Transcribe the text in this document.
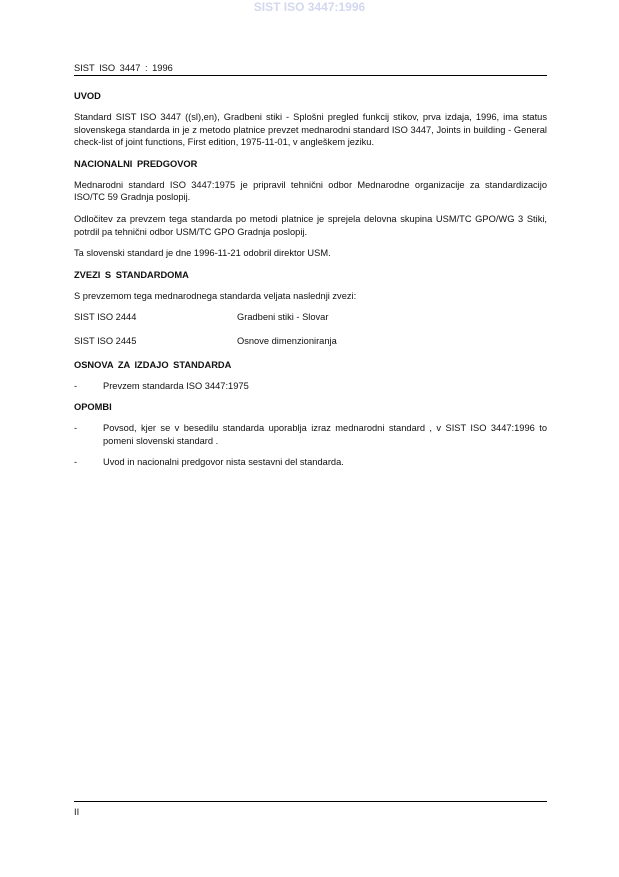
SIST ISO 3447:1996
SIST ISO 3447 : 1996
UVOD

Standard SIST ISO 3447 ((sl),en), Gradbeni stiki - Splošni pregled funkcij stikov, prva izdaja, 1996, ima status slovenskega standarda in je z metodo platnice prevzet mednarodni standard ISO 3447, Joints in building - General check-list of joint functions, First edition, 1975-11-01, v angleškem jeziku.

NACIONALNI PREDGOVOR

Mednarodni standard ISO 3447:1975 je pripravil tehnični odbor Mednarodne organizacije za standardizacijo ISO/TC 59 Gradnja poslopij.

Odločitev za prevzem tega standarda po metodi platnice je sprejela delovna skupina USM/TC GPO/WG 3 Stiki, potrdil pa tehnični odbor USM/TC GPO Gradnja poslopij.

Ta slovenski standard je dne 1996-11-21 odobril direktor USM.

ZVEZI S STANDARDOMA

S prevzemom tega mednarodnega standarda veljata naslednji zvezi:

SIST ISO 2444	Gradbeni stiki - Slovar
SIST ISO 2445	Osnove dimenzioniranja
OSNOVA ZA IZDAJO STANDARDA
-	Prevzem standarda ISO 3447:1975
OPOMBI
-	Povsod, kjer se v besedilu standarda uporablja izraz mednarodni standard , v SIST ISO 3447:1996 to pomeni slovenski standard .
-	Uvod in nacionalni predgovor nista sestavni del standarda.
II
